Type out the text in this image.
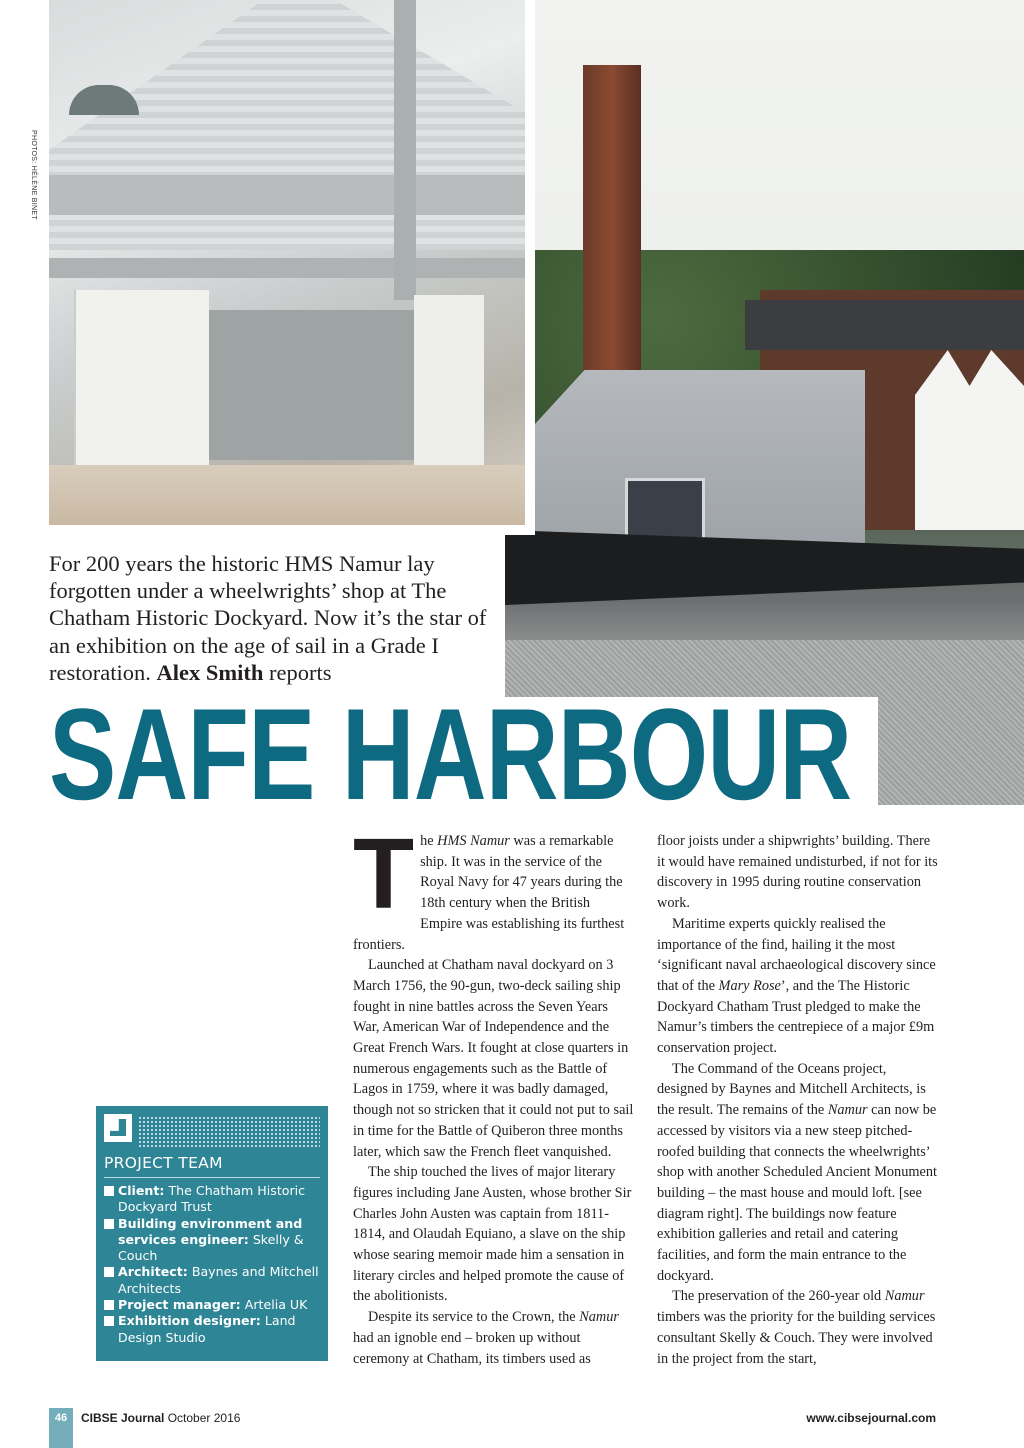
PHOTOS: HÉLÈNE BINET
For 200 years the historic HMS Namur lay forgotten under a wheelwrights’ shop at The Chatham Historic Dockyard. Now it’s the star of an exhibition on the age of sail in a Grade I restoration. Alex Smith reports
SAFE HARBOUR
T he HMS Namur was a remarkable ship. It was in the service of the Royal Navy for 47 years during the 18th century when the British Empire was establishing its furthest frontiers.

Launched at Chatham naval dockyard on 3 March 1756, the 90-gun, two-deck sailing ship fought in nine battles across the Seven Years War, American War of Independence and the Great French Wars. It fought at close quarters in numerous engagements such as the Battle of Lagos in 1759, where it was badly damaged, though not so stricken that it could not put to sail in time for the Battle of Quiberon three months later, which saw the French fleet vanquished.

The ship touched the lives of major literary figures including Jane Austen, whose brother Sir Charles John Austen was captain from 1811-1814, and Olaudah Equiano, a slave on the ship whose searing memoir made him a sensation in literary circles and helped promote the cause of the abolitionists.

Despite its service to the Crown, the Namur had an ignoble end – broken up without ceremony at Chatham, its timbers used as

floor joists under a shipwrights’ building. There it would have remained undisturbed, if not for its discovery in 1995 during routine conservation work.

Maritime experts quickly realised the importance of the find, hailing it the most ‘significant naval archaeological discovery since that of the Mary Rose’, and the The Historic Dockyard Chatham Trust pledged to make the Namur’s timbers the centrepiece of a major £9m conservation project.

The Command of the Oceans project, designed by Baynes and Mitchell Architects, is the result. The remains of the Namur can now be accessed by visitors via a new steep pitched-roofed building that connects the wheelwrights’ shop with another Scheduled Ancient Monument building – the mast house and mould loft. [see diagram right]. The buildings now feature exhibition galleries and retail and catering facilities, and form the main entrance to the dockyard.

The preservation of the 260-year old Namur timbers was the priority for the building services consultant Skelly & Couch. They were involved in the project from the start,

PROJECT TEAM
Client: The Chatham Historic Dockyard Trust
Building environment and services engineer: Skelly & Couch
Architect: Baynes and Mitchell Architects
Project manager: Artelia UK
Exhibition designer: Land Design Studio
46	CIBSE Journal October 2016	www.cibsejournal.com
